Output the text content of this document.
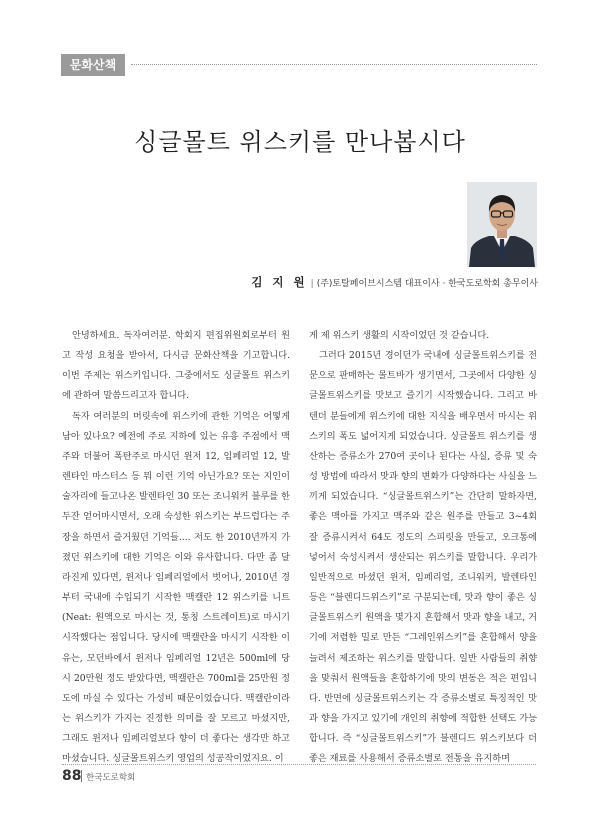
문화산책
싱글몰트 위스키를 만나봅시다
김 지 원 | (주)토탈페이브시스템 대표이사 · 한국도로학회 총무이사

안녕하세요. 독자여러분. 학회지 편집위원회로부터 원고 작성 요청을 받아서, 다시금 문화산책을 기고합니다. 이번 주제는 위스키입니다. 그중에서도 싱글몰트 위스키에 관하여 말씀드리고자 합니다.

독자 여러분의 머릿속에 위스키에 관한 기억은 어떻게 남아 있나요? 예전에 주로 지하에 있는 유흥 주점에서 맥주와 더불어 폭탄주로 마시던 윈저 12, 임페리얼 12, 발렌타인 마스터스 등 뭐 이런 기억 아닌가요? 또는 지인이 술자리에 들고나온 발렌타인 30 또는 조니워커 블루를 한두잔 얻어마시면서, 오래 숙성한 위스키는 부드럽다는 주장을 하면서 즐거웠던 기억들.... 저도 한 2010년까지 가졌던 위스키에 대한 기억은 이와 유사합니다. 다만 좀 달라진게 있다면, 윈저나 임페리얼에서 벗어나, 2010년 경부터 국내에 수입되기 시작한 맥캘란 12 위스키를 니트(Neat: 원액으로 마시는 것, 통칭 스트레이트)로 마시기 시작했다는 점입니다. 당시에 맥캘란을 마시기 시작한 이유는, 모던바에서 윈저나 임페리얼 12년은 500ml에 당시 20만원 정도 받았다면, 맥캘란은 700ml를 25만원 정도에 마실 수 있다는 가성비 때문이었습니다. 맥캘란이라는 위스키가 가지는 진정한 의미를 잘 모르고 마셨지만, 그래도 윈저나 임페리얼보다 향이 더 좋다는 생각만 하고 마셨습니다. 싱글몰트위스키 영업의 성공작이었지요. 이

게 제 위스키 생활의 시작이었던 것 같습니다.

그러다 2015년 경이던가 국내에 싱글몰트위스키를 전문으로 판매하는 몰트바가 생기면서, 그곳에서 다양한 싱글몰트위스키를 맛보고 즐기기 시작했습니다. 그리고 바텐더 분들에게 위스키에 대한 지식을 배우면서 마시는 위스키의 폭도 넓어지게 되었습니다. 싱글몰트 위스키를 생산하는 증류소가 270여 곳이나 된다는 사실, 증류 및 숙성 방법에 따라서 맛과 향의 변화가 다양하다는 사실을 느끼게 되었습니다. “싱글몰트위스키”는 간단히 말하자면, 좋은 맥아를 가지고 맥주와 같은 원주를 만들고 3~4회 잘 증류시켜서 64도 정도의 스피릿을 만들고, 오크통에 넣어서 숙성시켜서 생산되는 위스키를 말합니다. 우리가 일반적으로 마셨던 윈저, 임페리얼, 조니워커, 발렌타인 등은 “블렌디드위스키”로 구분되는데, 맛과 향이 좋은 싱글몰트위스키 원액을 몇가지 혼합해서 맛과 향을 내고, 거기에 저렴한 밀로 만든 “그레인위스키”를 혼합해서 양을 늘려서 제조하는 위스키를 말합니다. 일반 사람들의 취향을 맞춰서 원액들을 혼합하기에 맛의 변동은 적은 편입니다. 반면에 싱글몰트위스키는 각 증류소별로 특징적인 맛과 향을 가지고 있기에 개인의 취향에 적합한 선택도 가능합니다. 즉 “싱글몰트위스키”가 블렌디드 위스키보다 더 좋은 재료를 사용해서 증류소별로 전통을 유지하며

88 한국도로학회
